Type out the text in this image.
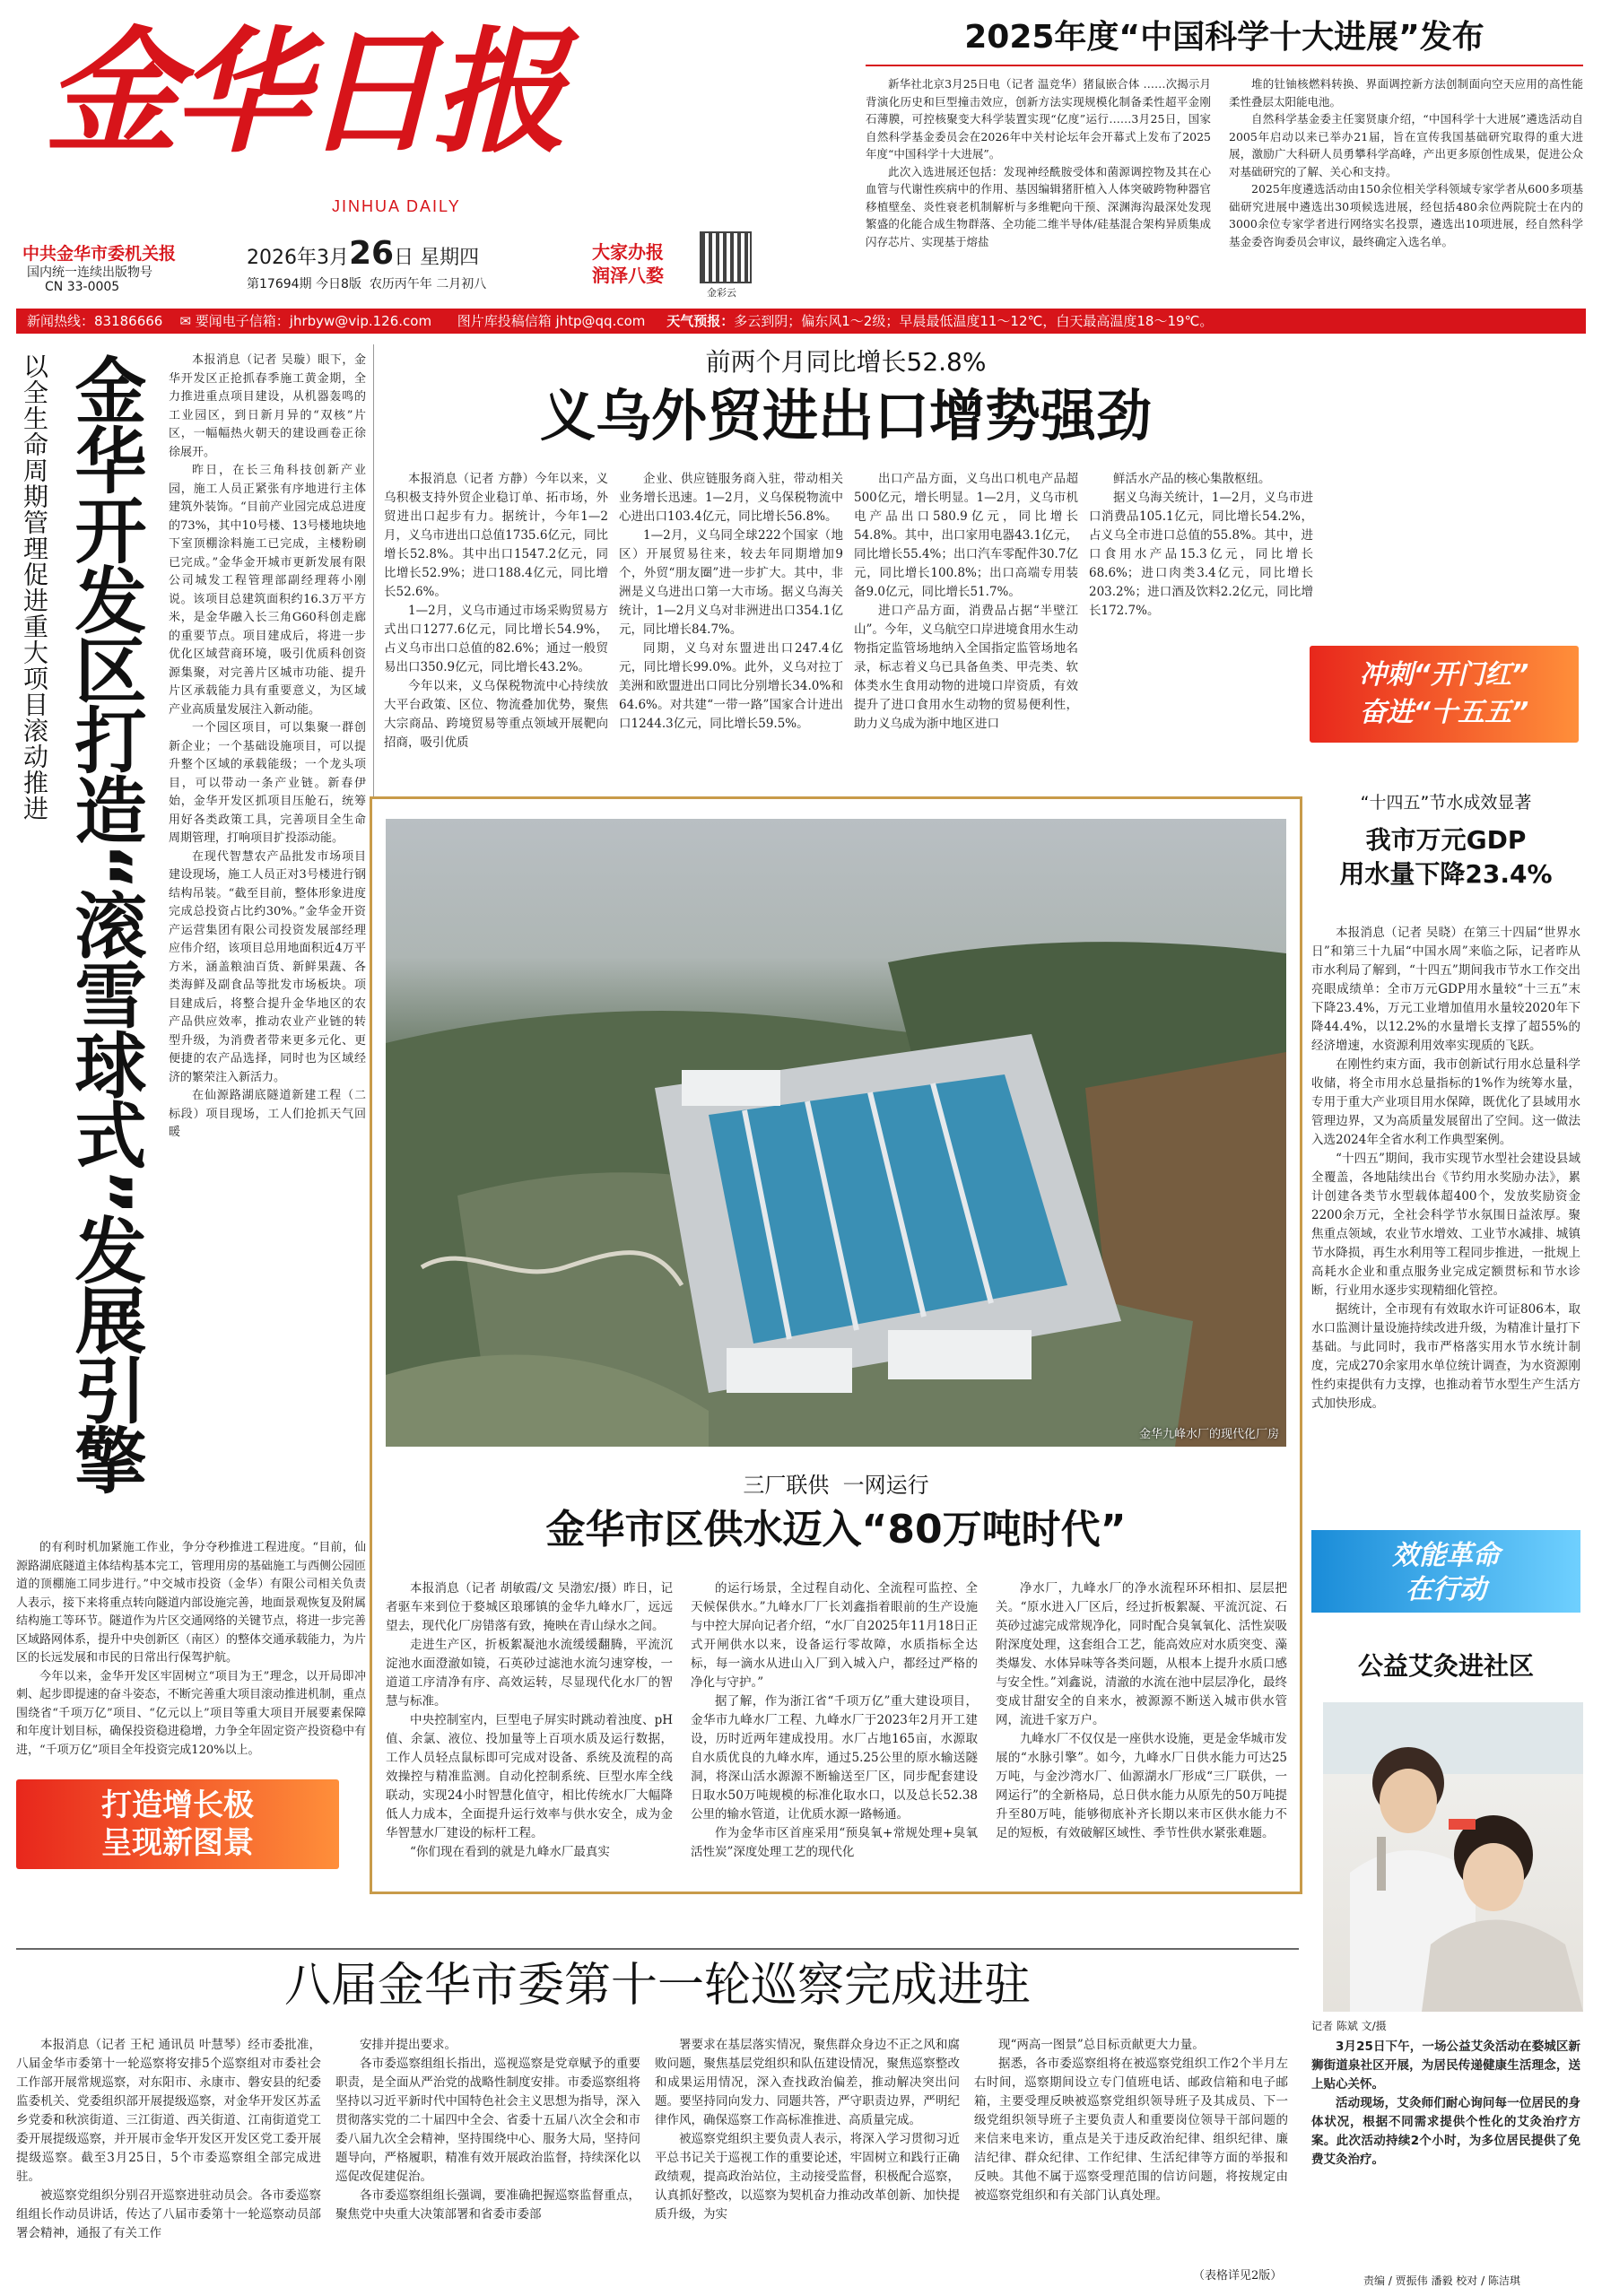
金华日报
JINHUA DAILY
中共金华市委机关报
国内统一连续出版物号
CN 33-0005
2026年3月26日 星期四
第17694期 今日8版 农历丙午年 二月初八
大家办报
润泽八婺
金彩云
2025年度“中国科学十大进展”发布

新华社北京3月25日电（记者 温竞华）猪鼠嵌合体 ……次揭示月背演化历史和巨型撞击效应，创新方法实现规模化制备柔性超平金刚石薄膜，可控核聚变大科学装置实现“亿度”运行……3月25日，国家自然科学基金委员会在2026年中关村论坛年会开幕式上发布了2025年度“中国科学十大进展”。
此次入选进展还包括：发现神经酰胺受体和菌源调控物及其在心血管与代谢性疾病中的作用、基因编辑猪肝植入人体突破跨物种器官移植壁垒、炎性衰老机制解析与多维靶向干预、深渊海沟最深处发现繁盛的化能合成生物群落、全功能二维半导体/硅基混合架构异质集成闪存芯片、实现基于熔盐

堆的钍铀核燃料转换、界面调控新方法创制面向空天应用的高性能柔性叠层太阳能电池。
自然科学基金委主任窦贤康介绍，“中国科学十大进展”遴选活动自2005年启动以来已举办21届，旨在宣传我国基础研究取得的重大进展，激励广大科研人员勇攀科学高峰，产出更多原创性成果，促进公众对基础研究的了解、关心和支持。
2025年度遴选活动由150余位相关学科领域专家学者从600多项基础研究进展中遴选出30项候选进展，经包括480余位两院院士在内的3000余位专家学者进行网络实名投票，遴选出10项进展，经自然科学基金委咨询委员会审议，最终确定入选名单。

新闻热线：83186666 ✉ 要闻电子信箱：jhrbyw@vip.126.com 图片库投稿信箱 jhtp@qq.com 天气预报：多云到阴；偏东风1～2级；早晨最低温度11～12℃，白天最高温度18～19℃。
以全生命周期管理促进重大项目滚动推进 金华开发区打造“滚雪球式”发展引擎	本报消息（记者 吴璇）眼下，金华开发区正抢抓春季施工黄金期，全力推进重点项目建设，从机器轰鸣的工业园区，到日新月异的“双核”片区，一幅幅热火朝天的建设画卷正徐徐展开。
昨日，在长三角科技创新产业园，施工人员正紧张有序地进行主体建筑外装饰。“目前产业园完成总进度的73%，其中10号楼、13号楼地块地下室顶棚涂料施工已完成，主楼粉刷已完成。”金华金开城市更新发展有限公司城发工程管理部副经理蒋小刚说。该项目总建筑面积约16.3万平方米，是金华融入长三角G60科创走廊的重要节点。项目建成后，将进一步优化区域营商环境，吸引优质科创资源集聚，对完善片区城市功能、提升片区承载能力具有重要意义，为区域产业高质量发展注入新动能。
一个园区项目，可以集聚一群创新企业；一个基础设施项目，可以提升整个区域的承载能级；一个龙头项目，可以带动一条产业链。新春伊始，金华开发区抓项目压舱石，统筹用好各类政策工具，完善项目全生命周期管理，打响项目扩投添动能。
在现代智慧农产品批发市场项目建设现场，施工人员正对3号楼进行钢结构吊装。“截至目前，整体形象进度完成总投资占比约30%。”金华金开资产运营集团有限公司投资发展部经理应伟介绍，该项目总用地面积近4万平方米，涵盖粮油百货、新鲜果蔬、各类海鲜及副食品等批发市场板块。项目建成后，将整合提升金华地区的农产品供应效率，推动农业产业链的转型升级，为消费者带来更多元化、更便捷的农产品选择，同时也为区域经济的繁荣注入新活力。
在仙源路湖底隧道新建工程（二标段）项目现场，工人们抢抓天气回暖

的有利时机加紧施工作业，争分夺秒推进工程进度。“目前，仙源路湖底隧道主体结构基本完工，管理用房的基础施工与西侧公园匝道的顶棚施工同步进行。”中交城市投资（金华）有限公司相关负责人表示，接下来将重点转向隧道内部设施完善，地面景观恢复及附属结构施工等环节。隧道作为片区交通网络的关键节点，将进一步完善区域路网体系，提升中央创新区（南区）的整体交通承载能力，为片区的长远发展和市民的日常出行保驾护航。
今年以来，金华开发区牢固树立“项目为王”理念，以开局即冲刺、起步即提速的奋斗姿态，不断完善重大项目滚动推进机制，重点围绕省“千项万亿”项目、“亿元以上”项目等重大项目开展要素保障和年度计划目标，确保投资稳进稳增，力争全年固定资产投资稳中有进，“千项万亿”项目全年投资完成120%以上。

打造增长极
呈现新图景
前两个月同比增长52.8%
义乌外贸进出口增势强劲

本报消息（记者 方静）今年以来，义乌积极支持外贸企业稳订单、拓市场，外贸进出口起步有力。据统计，今年1—2月，义乌市进出口总值1735.6亿元，同比增长52.8%。其中出口1547.2亿元，同比增长52.9%；进口188.4亿元，同比增长52.6%。
1—2月，义乌市通过市场采购贸易方式出口1277.6亿元，同比增长54.9%，占义乌市出口总值的82.6%；通过一般贸易出口350.9亿元，同比增长43.2%。
今年以来，义乌保税物流中心持续放大平台政策、区位、物流叠加优势，聚焦大宗商品、跨境贸易等重点领域开展靶向招商，吸引优质

企业、供应链服务商入驻，带动相关业务增长迅速。1—2月，义乌保税物流中心进出口103.4亿元，同比增长56.8%。
1—2月，义乌同全球222个国家（地区）开展贸易往来，较去年同期增加9个，外贸“朋友圈”进一步扩大。其中，非洲是义乌进出口第一大市场。据义乌海关统计，1—2月义乌对非洲进出口354.1亿元，同比增长84.7%。
同期，义乌对东盟进出口247.4亿元，同比增长99.0%。此外，义乌对拉丁美洲和欧盟进出口同比分别增长34.0%和64.6%。对共建“一带一路”国家合计进出口1244.3亿元，同比增长59.5%。

出口产品方面，义乌出口机电产品超500亿元，增长明显。1—2月，义乌市机电产品出口580.9亿元，同比增长54.8%。其中，出口家用电器43.1亿元，同比增长55.4%；出口汽车零配件30.7亿元，同比增长100.8%；出口高端专用装备9.0亿元，同比增长51.7%。
进口产品方面，消费品占据“半壁江山”。今年，义乌航空口岸进境食用水生动物指定监管场地纳入全国指定监管场地名录，标志着义乌已具备鱼类、甲壳类、软体类水生食用动物的进境口岸资质，有效提升了进口食用水生动物的贸易便利性，助力义乌成为浙中地区进口

鲜活水产品的核心集散枢纽。
据义乌海关统计，1—2月，义乌市进口消费品105.1亿元，同比增长54.2%，占义乌全市进口总值的55.8%。其中，进口食用水产品15.3亿元，同比增长68.6%；进口肉类3.4亿元，同比增长203.2%；进口酒及饮料2.2亿元，同比增长172.7%。

冲刺“开门红”
奋进“十五五”
金华九峰水厂的现代化厂房
三厂联供  一网运行
金华市区供水迈入“80万吨时代”

本报消息（记者 胡敏霞/文 吴渤宏/摄）昨日，记者驱车来到位于婺城区琅琊镇的金华九峰水厂，远远望去，现代化厂房错落有致，掩映在青山绿水之间。
走进生产区，折板絮凝池水流缓缓翻腾，平流沉淀池水面澄澈如镜，石英砂过滤池水流匀速穿梭，一道道工序清净有序、高效运转，尽显现代化水厂的智慧与标准。
中央控制室内，巨型电子屏实时跳动着浊度、pH值、余氯、液位、投加量等上百项水质及运行数据，工作人员轻点鼠标即可完成对设备、系统及流程的高效操控与精准监测。自动化控制系统、巨型水库全线联动，实现24小时智慧化值守，相比传统水厂大幅降低人力成本，全面提升运行效率与供水安全，成为金华智慧水厂建设的标杆工程。
“你们现在看到的就是九峰水厂最真实

的运行场景，全过程自动化、全流程可监控、全天候保供水。”九峰水厂厂长刘鑫指着眼前的生产设施与中控大屏向记者介绍，“水厂自2025年11月18日正式开闸供水以来，设备运行零故障，水质指标全达标，每一滴水从进山入厂到入城入户，都经过严格的净化与守护。”
据了解，作为浙江省“千项万亿”重大建设项目，金华市九峰水厂工程、九峰水厂于2023年2月开工建设，历时近两年建成投用。水厂占地165亩，水源取自水质优良的九峰水库，通过5.25公里的原水输送隧洞，将深山活水源源不断输送至厂区，同步配套建设日取水50万吨规模的标准化取水口，以及总长52.38公里的输水管道，让优质水源一路畅通。
作为金华市区首座采用“预臭氧+常规处理+臭氧活性炭”深度处理工艺的现代化

净水厂，九峰水厂的净水流程环环相扣、层层把关。“原水进入厂区后，经过折板絮凝、平流沉淀、石英砂过滤完成常规净化，同时配合臭氧氧化、活性炭吸附深度处理，这套组合工艺，能高效应对水质突变、藻类爆发、水体异味等各类问题，从根本上提升水质口感与安全性。”刘鑫说，清澈的水流在池中层层净化，最终变成甘甜安全的自来水，被源源不断送入城市供水管网，流进千家万户。
九峰水厂不仅仅是一座供水设施，更是金华城市发展的“水脉引擎”。如今，九峰水厂日供水能力可达25万吨，与金沙湾水厂、仙源湖水厂形成“三厂联供，一网运行”的全新格局，总日供水能力从原先的50万吨提升至80万吨，能够彻底补齐长期以来市区供水能力不足的短板，有效破解区域性、季节性供水紧张难题。

“十四五”节水成效显著
我市万元GDP
用水量下降23.4%

本报消息（记者 吴晓）在第三十四届“世界水日”和第三十九届“中国水周”来临之际，记者昨从市水利局了解到，“十四五”期间我市节水工作交出亮眼成绩单：全市万元GDP用水量较“十三五”末下降23.4%，万元工业增加值用水量较2020年下降44.4%，以12.2%的水量增长支撑了超55%的经济增速，水资源利用效率实现质的飞跃。
在刚性约束方面，我市创新试行用水总量科学收储，将全市用水总量指标的1%作为统筹水量，专用于重大产业项目用水保障，既优化了县域用水管理边界，又为高质量发展留出了空间。这一做法入选2024年全省水利工作典型案例。
“十四五”期间，我市实现节水型社会建设县域全覆盖，各地陆续出台《节约用水奖励办法》，累计创建各类节水型载体超400个，发放奖励资金2200余万元，全社会科学节水氛围日益浓厚。聚焦重点领域，农业节水增效、工业节水减排、城镇节水降损，再生水利用等工程同步推进，一批规上高耗水企业和重点服务业完成定额贯标和节水诊断，行业用水逐步实现精细化管控。
据统计，全市现有有效取水许可证806本，取水口监测计量设施持续改进升级，为精准计量打下基础。与此同时，我市严格落实用水节水统计制度，完成270余家用水单位统计调查，为水资源刚性约束提供有力支撑，也推动着节水型生产生活方式加快形成。

效能革命
在行动
公益艾灸进社区
记者 陈斌 文/摄

3月25日下午，一场公益艾灸活动在婺城区新狮街道泉社区开展，为居民传递健康生活理念，送上贴心关怀。
活动现场，艾灸师们耐心询问每一位居民的身体状况，根据不同需求提供个性化的艾灸治疗方案。此次活动持续2个小时，为多位居民提供了免费艾灸治疗。

八届金华市委第十一轮巡察完成进驻

本报消息（记者 王杞 通讯员 叶慧琴）经市委批准，八届金华市委第十一轮巡察将安排5个巡察组对市委社会工作部开展常规巡察，对东阳市、永康市、磐安县的纪委监委机关、党委组织部开展提级巡察，对金华开发区苏孟乡党委和秋滨街道、三江街道、西关街道、江南街道党工委开展提级巡察，并开展市金华开发区开发区党工委开展提级巡察。截至3月25日，5个市委巡察组全部完成进驻。
被巡察党组织分别召开巡察进驻动员会。各市委巡察组组长作动员讲话，传达了八届市委第十一轮巡察动员部署会精神，通报了有关工作

安排并提出要求。
各市委巡察组组长指出，巡视巡察是党章赋予的重要职责，是全面从严治党的战略性制度安排。市委巡察组将坚持以习近平新时代中国特色社会主义思想为指导，深入贯彻落实党的二十届四中全会、省委十五届八次全会和市委八届九次全会精神，坚持围绕中心、服务大局，坚持问题导向，严格履职，精准有效开展政治监督，持续深化以巡促改促建促治。
各市委巡察组组长强调，要准确把握巡察监督重点，聚焦党中央重大决策部署和省委市委部

署要求在基层落实情况，聚焦群众身边不正之风和腐败问题，聚焦基层党组织和队伍建设情况，聚焦巡察整改和成果运用情况，深入查找政治偏差，推动解决突出问题。要坚持同向发力、同题共答，严守职责边界，严明纪律作风，确保巡察工作高标准推进、高质量完成。
被巡察党组织主要负责人表示，将深入学习贯彻习近平总书记关于巡视工作的重要论述，牢固树立和践行正确政绩观，提高政治站位，主动接受监督，积极配合巡察，认真抓好整改，以巡察为契机奋力推动改革创新、加快提质升级，为实

现“两高一图景”总目标贡献更大力量。
据悉，各市委巡察组将在被巡察党组织工作2个半月左右时间，巡察期间设立专门值班电话、邮政信箱和电子邮箱，主要受理反映被巡察党组织领导班子及其成员、下一级党组织领导班子主要负责人和重要岗位领导干部问题的来信来电来访，重点是关于违反政治纪律、组织纪律、廉洁纪律、群众纪律、工作纪律、生活纪律等方面的举报和反映。其他不属于巡察受理范围的信访问题，将按规定由被巡察党组织和有关部门认真处理。

（表格详见2版）	责编 / 贾振伟 潘毅 校对 / 陈洁琪
